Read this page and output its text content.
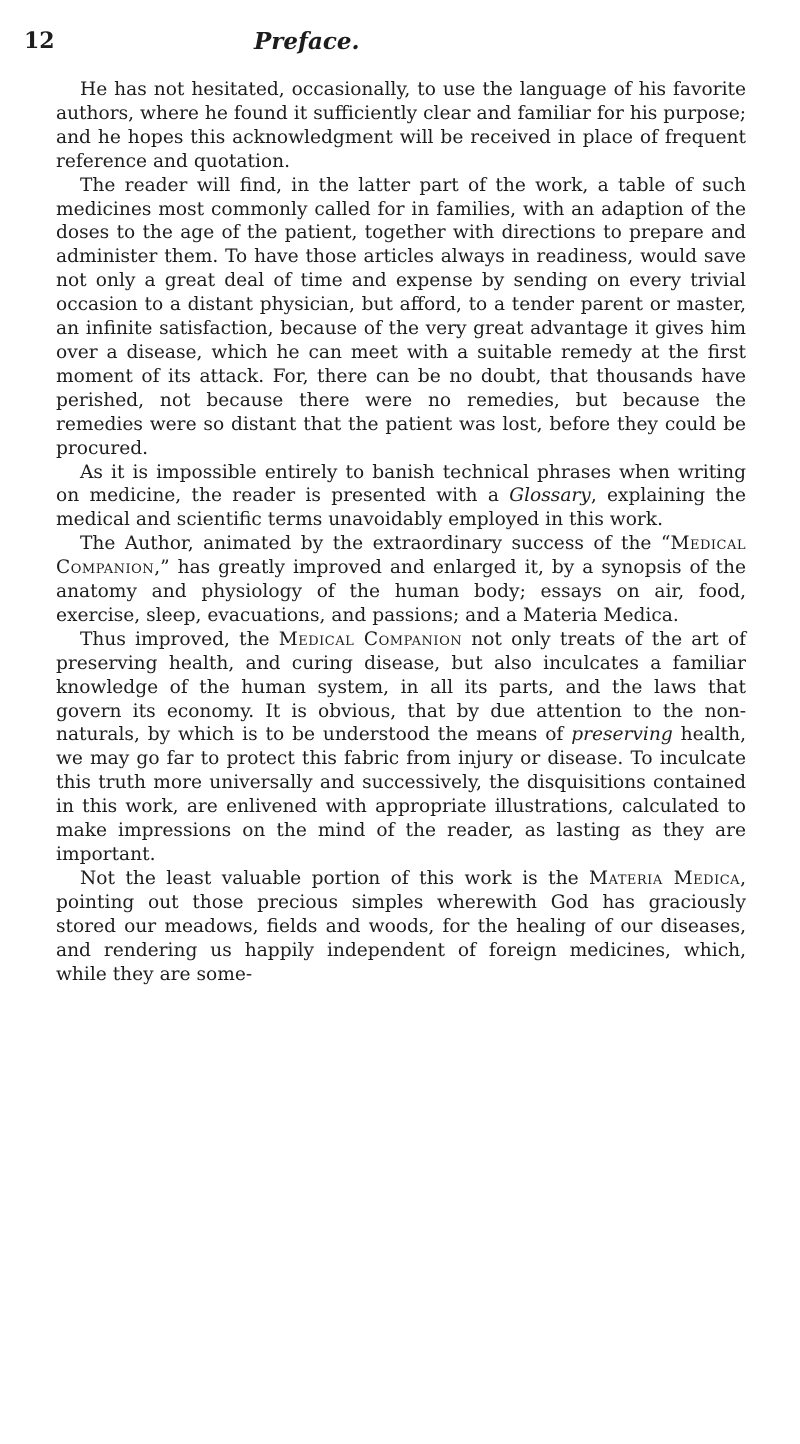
12	Preface.

He has not hesitated, occasionally, to use the language of his favorite authors, where he found it sufficiently clear and familiar for his purpose; and he hopes this acknowledgment will be received in place of frequent reference and quotation.

The reader will find, in the latter part of the work, a table of such medicines most commonly called for in families, with an adaption of the doses to the age of the patient, together with directions to prepare and administer them. To have those articles always in readiness, would save not only a great deal of time and expense by sending on every trivial occasion to a distant physician, but afford, to a tender parent or master, an infinite satisfaction, because of the very great advantage it gives him over a disease, which he can meet with a suitable remedy at the first moment of its attack. For, there can be no doubt, that thousands have perished, not because there were no remedies, but because the remedies were so distant that the patient was lost, before they could be procured.

As it is impossible entirely to banish technical phrases when writing on medicine, the reader is presented with a Glossary, explaining the medical and scientific terms unavoidably employed in this work.

The Author, animated by the extraordinary success of the “Medical Companion,” has greatly improved and enlarged it, by a synopsis of the anatomy and physiology of the human body; essays on air, food, exercise, sleep, evacuations, and passions; and a Materia Medica.

Thus improved, the Medical Companion not only treats of the art of preserving health, and curing disease, but also inculcates a familiar knowledge of the human system, in all its parts, and the laws that govern its economy. It is obvious, that by due attention to the non-naturals, by which is to be understood the means of preserving health, we may go far to protect this fabric from injury or disease. To inculcate this truth more universally and successively, the disquisitions contained in this work, are enlivened with appropriate illustrations, calculated to make impressions on the mind of the reader, as lasting as they are important.

Not the least valuable portion of this work is the Materia Medica, pointing out those precious simples wherewith God has graciously stored our meadows, fields and woods, for the healing of our diseases, and rendering us happily independent of foreign medicines, which, while they are some-
